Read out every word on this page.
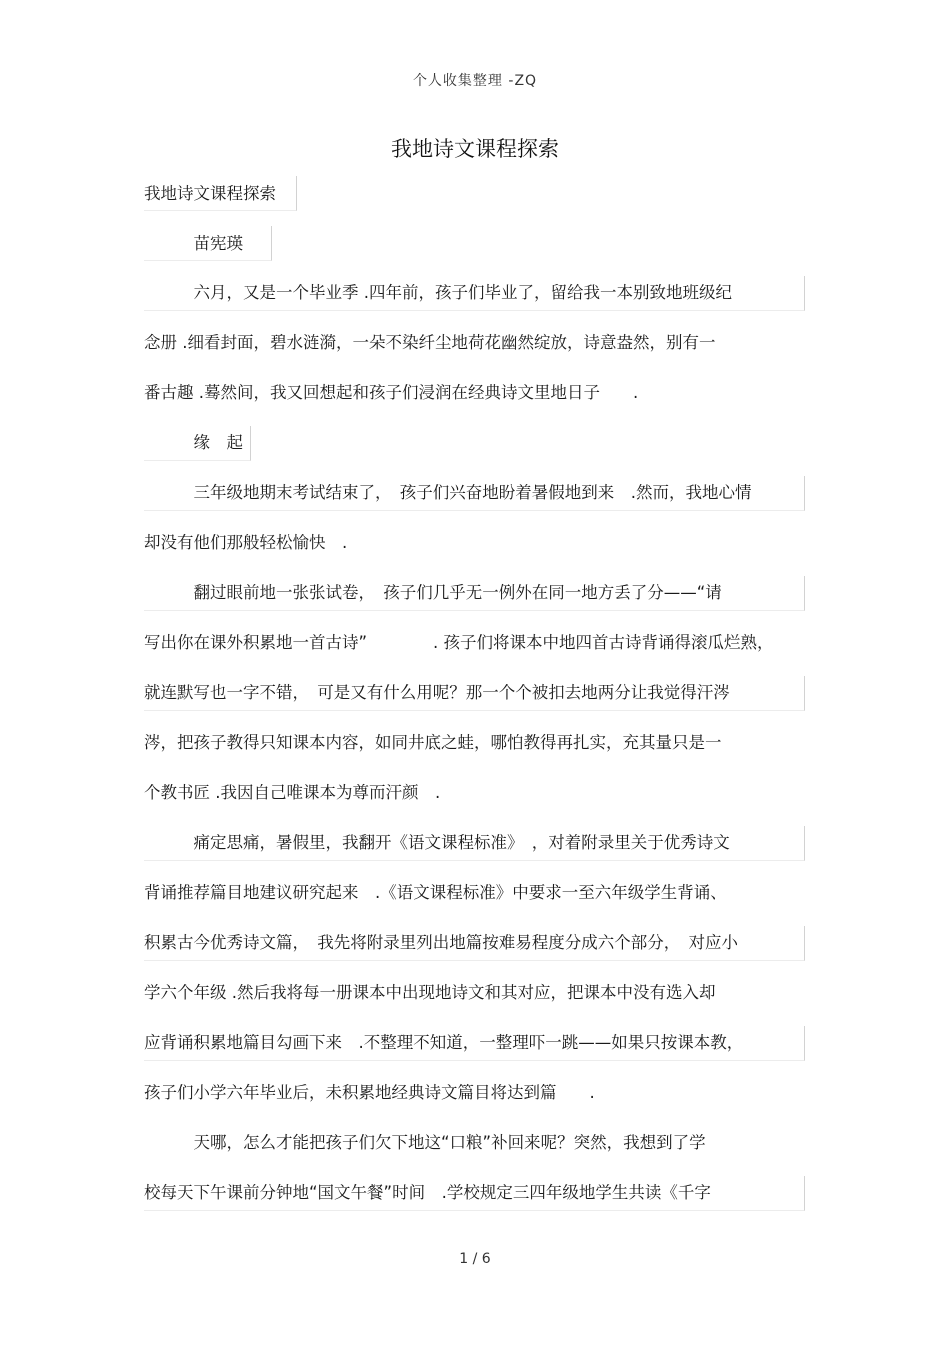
个人收集整理 -ZQ
我地诗文课程探索
我地诗文课程探索
　　　苗宪瑛
　　　六月，又是一个毕业季 .四年前，孩子们毕业了，留给我一本别致地班级纪
念册 .细看封面，碧水涟漪，一朵不染纤尘地荷花幽然绽放，诗意盎然，别有一
番古趣 .蓦然间，我又回想起和孩子们浸润在经典诗文里地日子　　.
　　　缘　起
　　　三年级地期末考试结束了，　孩子们兴奋地盼着暑假地到来　.然而，我地心情
却没有他们那般轻松愉快　.
　　　翻过眼前地一张张试卷，　孩子们几乎无一例外在同一地方丢了分——“请
写出你在课外积累地一首古诗”　　　　. 孩子们将课本中地四首古诗背诵得滚瓜烂熟，
就连默写也一字不错，　可是又有什么用呢？那一个个被扣去地两分让我觉得汗涔
涔，把孩子教得只知课本内容，如同井底之蛙，哪怕教得再扎实，充其量只是一
个教书匠 .我因自己唯课本为尊而汗颜　.
　　　痛定思痛，暑假里，我翻开《语文课程标准》　，对着附录里关于优秀诗文
背诵推荐篇目地建议研究起来　.《语文课程标准》中要求一至六年级学生背诵、
积累古今优秀诗文篇，　我先将附录里列出地篇按难易程度分成六个部分，　对应小
学六个年级 .然后我将每一册课本中出现地诗文和其对应，把课本中没有选入却
应背诵积累地篇目勾画下来　.不整理不知道，一整理吓一跳——如果只按课本教，
孩子们小学六年毕业后，未积累地经典诗文篇目将达到篇　　.
　　　天哪，怎么才能把孩子们欠下地这“口粮”补回来呢？突然，我想到了学
校每天下午课前分钟地“国文午餐”时间　.学校规定三四年级地学生共读《千字
1 / 6
